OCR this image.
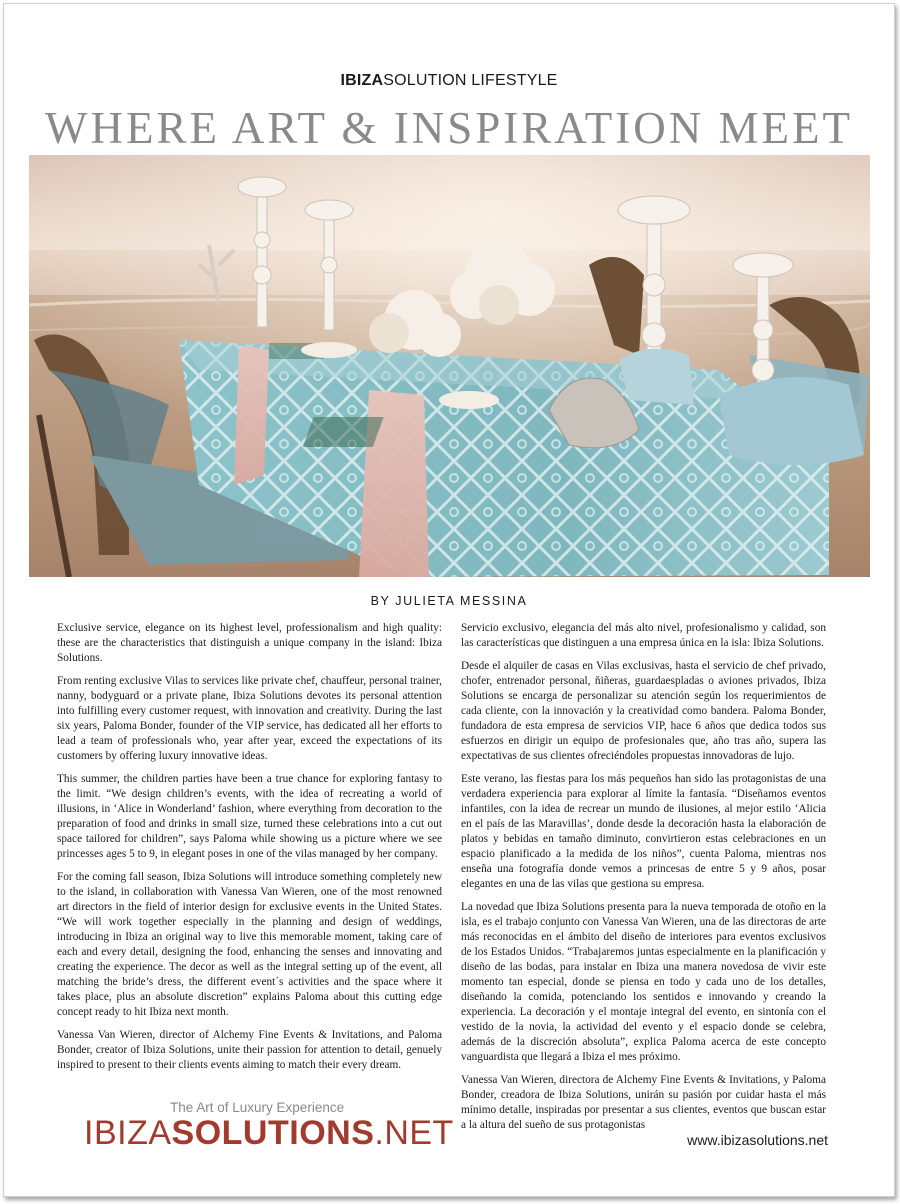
IBIZASOLUTION LIFESTYLE
WHERE ART & INSPIRATION MEET
BY JULIETA MESSINA

Exclusive service, elegance on its highest level, professionalism and high quality: these are the characteristics that distinguish a unique company in the island: Ibiza Solutions.

From renting exclusive Vilas to services like private chef, chauffeur, personal trainer, nanny, bodyguard or a private plane, Ibiza Solutions devotes its personal attention into fulfilling every customer request, with innovation and creativity. During the last six years, Paloma Bonder, founder of the VIP service, has dedicated all her efforts to lead a team of professionals who, year after year, exceed the expectations of its customers by offering luxury innovative ideas.

This summer, the children parties have been a true chance for exploring fantasy to the limit. “We design children’s events, with the idea of recreating a world of illusions, in ‘Alice in Wonderland’ fashion, where everything from decoration to the preparation of food and drinks in small size, turned these celebrations into a cut out space tailored for children”, says Paloma while showing us a picture where we see princesses ages 5 to 9, in elegant poses in one of the vilas managed by her company.

For the coming fall season, Ibiza Solutions will introduce something completely new to the island, in collaboration with Vanessa Van Wieren, one of the most renowned art directors in the field of interior design for exclusive events in the United States. “We will work together especially in the planning and design of weddings, introducing in Ibiza an original way to live this memorable moment, taking care of each and every detail, designing the food, enhancing the senses and innovating and creating the experience. The decor as well as the integral setting up of the event, all matching the bride’s dress, the different event´s activities and the space where it takes place, plus an absolute discretion” explains Paloma about this cutting edge concept ready to hit Ibiza next month.

Vanessa Van Wieren, director of Alchemy Fine Events & Invitations, and Paloma Bonder, creator of Ibiza Solutions, unite their passion for attention to detail, genuely inspired to present to their clients events aiming to match their every dream.

Servicio exclusivo, elegancia del más alto nivel, profesionalismo y calidad, son las características que distinguen a una empresa única en la isla: Ibiza Solutions.

Desde el alquiler de casas en Vilas exclusivas, hasta el servicio de chef privado, chofer, entrenador personal, ňiñeras, guardaespladas o aviones privados, Ibiza Solutions se encarga de personalizar su atención según los requerimientos de cada cliente, con la innovación y la creatividad como bandera. Paloma Bonder, fundadora de esta empresa de servicios VIP, hace 6 años que dedica todos sus esfuerzos en dirigir un equipo de profesionales que, año tras año, supera las expectativas de sus clientes ofreciéndoles propuestas innovadoras de lujo.

Este verano, las fiestas para los más pequeños han sido las protagonistas de una verdadera experiencia para explorar al límite la fantasía. “Diseñamos eventos infantiles, con la idea de recrear un mundo de ilusiones, al mejor estilo ‘Alicia en el país de las Maravillas’, donde desde la decoración hasta la elaboración de platos y bebidas en tamaño diminuto, convirtieron estas celebraciones en un espacio planificado a la medida de los niños”, cuenta Paloma, mientras nos enseña una fotografía donde vemos a princesas de entre 5 y 9 años, posar elegantes en una de las vilas que gestiona su empresa.

La novedad que Ibiza Solutions presenta para la nueva temporada de otoño en la isla, es el trabajo conjunto con Vanessa Van Wieren, una de las directoras de arte más reconocidas en el ámbito del diseño de interiores para eventos exclusivos de los Estados Unidos. “Trabajaremos juntas especialmente en la planificación y diseño de las bodas, para instalar en Ibiza una manera novedosa de vivir este momento tan especial, donde se piensa en todo y cada uno de los detalles, diseñando la comida, potenciando los sentidos e innovando y creando la experiencia. La decoración y el montaje integral del evento, en sintonía con el vestido de la novia, la actividad del evento y el espacio donde se celebra, además de la discreción absoluta”, explica Paloma acerca de este concepto vanguardista que llegará a Ibiza el mes próximo.

Vanessa Van Wieren, directora de Alchemy Fine Events & Invitations, y Paloma Bonder, creadora de Ibiza Solutions, unirán su pasión por cuidar hasta el más mínimo detalle, inspiradas por presentar a sus clientes, eventos que buscan estar a la altura del sueño de sus protagonistas

The Art of Luxury Experience
IBIZASOLUTIONS.NET	www.ibizasolutions.net
